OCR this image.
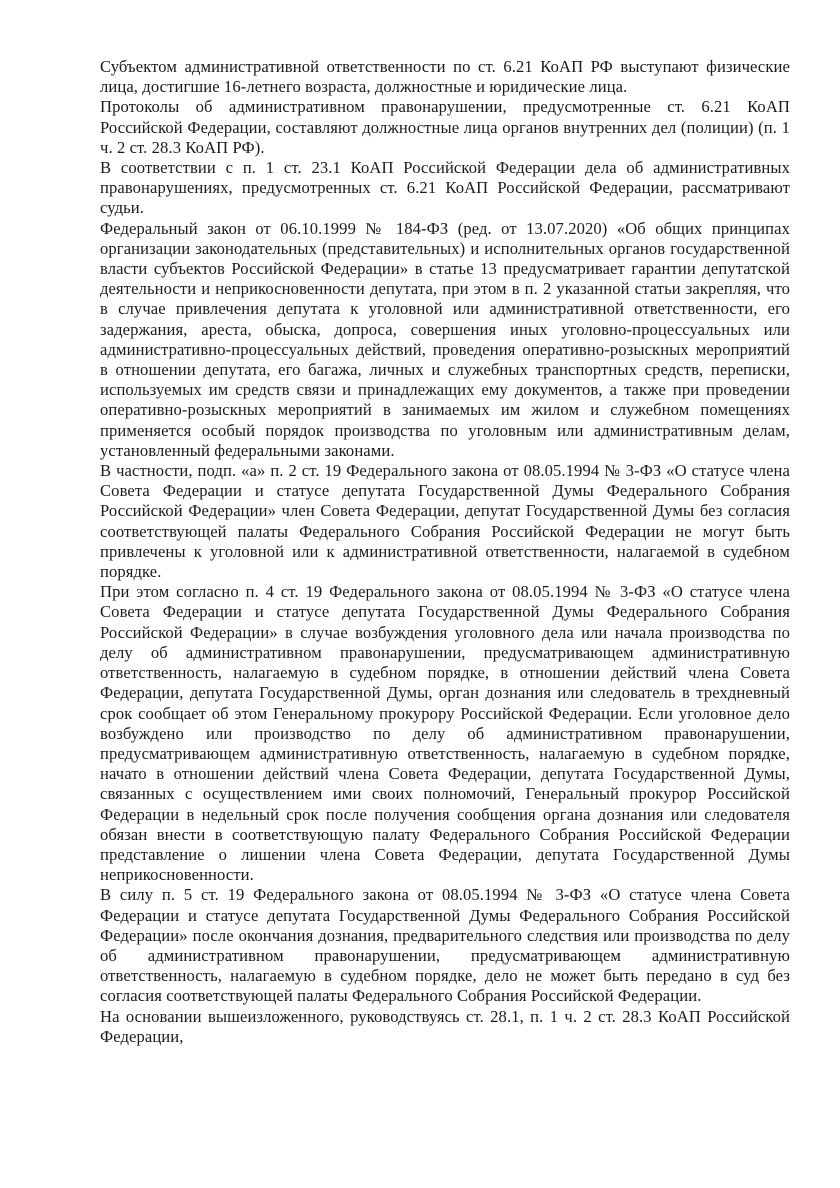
Субъектом административной ответственности по ст. 6.21 КоАП РФ выступают физические лица, достигшие 16-летнего возраста, должностные и юридические лица.

Протоколы об административном правонарушении, предусмотренные ст. 6.21 КоАП Российской Федерации, составляют должностные лица органов внутренних дел (полиции) (п. 1 ч. 2 ст. 28.3 КоАП РФ).

В соответствии с п. 1 ст. 23.1 КоАП Российской Федерации дела об административных правонарушениях, предусмотренных ст. 6.21 КоАП Российской Федерации, рассматривают судьи.

Федеральный закон от 06.10.1999 № 184-ФЗ (ред. от 13.07.2020) «Об общих принципах организации законодательных (представительных) и исполнительных органов государственной власти субъектов Российской Федерации» в статье 13 предусматривает гарантии депутатской деятельности и неприкосновенности депутата, при этом в п. 2 указанной статьи закрепляя, что в случае привлечения депутата к уголовной или административной ответственности, его задержания, ареста, обыска, допроса, совершения иных уголовно-процессуальных или административно-процессуальных действий, проведения оперативно-розыскных мероприятий в отношении депутата, его багажа, личных и служебных транспортных средств, переписки, используемых им средств связи и принадлежащих ему документов, а также при проведении оперативно-розыскных мероприятий в занимаемых им жилом и служебном помещениях применяется особый порядок производства по уголовным или административным делам, установленный федеральными законами.

В частности, подп. «а» п. 2 ст. 19 Федерального закона от 08.05.1994 № 3-ФЗ «О статусе члена Совета Федерации и статусе депутата Государственной Думы Федерального Собрания Российской Федерации» член Совета Федерации, депутат Государственной Думы без согласия соответствующей палаты Федерального Собрания Российской Федерации не могут быть привлечены к уголовной или к административной ответственности, налагаемой в судебном порядке.

При этом согласно п. 4 ст. 19 Федерального закона от 08.05.1994 № 3-ФЗ «О статусе члена Совета Федерации и статусе депутата Государственной Думы Федерального Собрания Российской Федерации» в случае возбуждения уголовного дела или начала производства по делу об административном правонарушении, предусматривающем административную ответственность, налагаемую в судебном порядке, в отношении действий члена Совета Федерации, депутата Государственной Думы, орган дознания или следователь в трехдневный срок сообщает об этом Генеральному прокурору Российской Федерации. Если уголовное дело возбуждено или производство по делу об административном правонарушении, предусматривающем административную ответственность, налагаемую в судебном порядке, начато в отношении действий члена Совета Федерации, депутата Государственной Думы, связанных с осуществлением ими своих полномочий, Генеральный прокурор Российской Федерации в недельный срок после получения сообщения органа дознания или следователя обязан внести в соответствующую палату Федерального Собрания Российской Федерации представление о лишении члена Совета Федерации, депутата Государственной Думы неприкосновенности.

В силу п. 5 ст. 19 Федерального закона от 08.05.1994 № 3-ФЗ «О статусе члена Совета Федерации и статусе депутата Государственной Думы Федерального Собрания Российской Федерации» после окончания дознания, предварительного следствия или производства по делу об административном правонарушении, предусматривающем административную ответственность, налагаемую в судебном порядке, дело не может быть передано в суд без согласия соответствующей палаты Федерального Собрания Российской Федерации.

На основании вышеизложенного, руководствуясь ст. 28.1, п. 1 ч. 2 ст. 28.3 КоАП Российской Федерации,
